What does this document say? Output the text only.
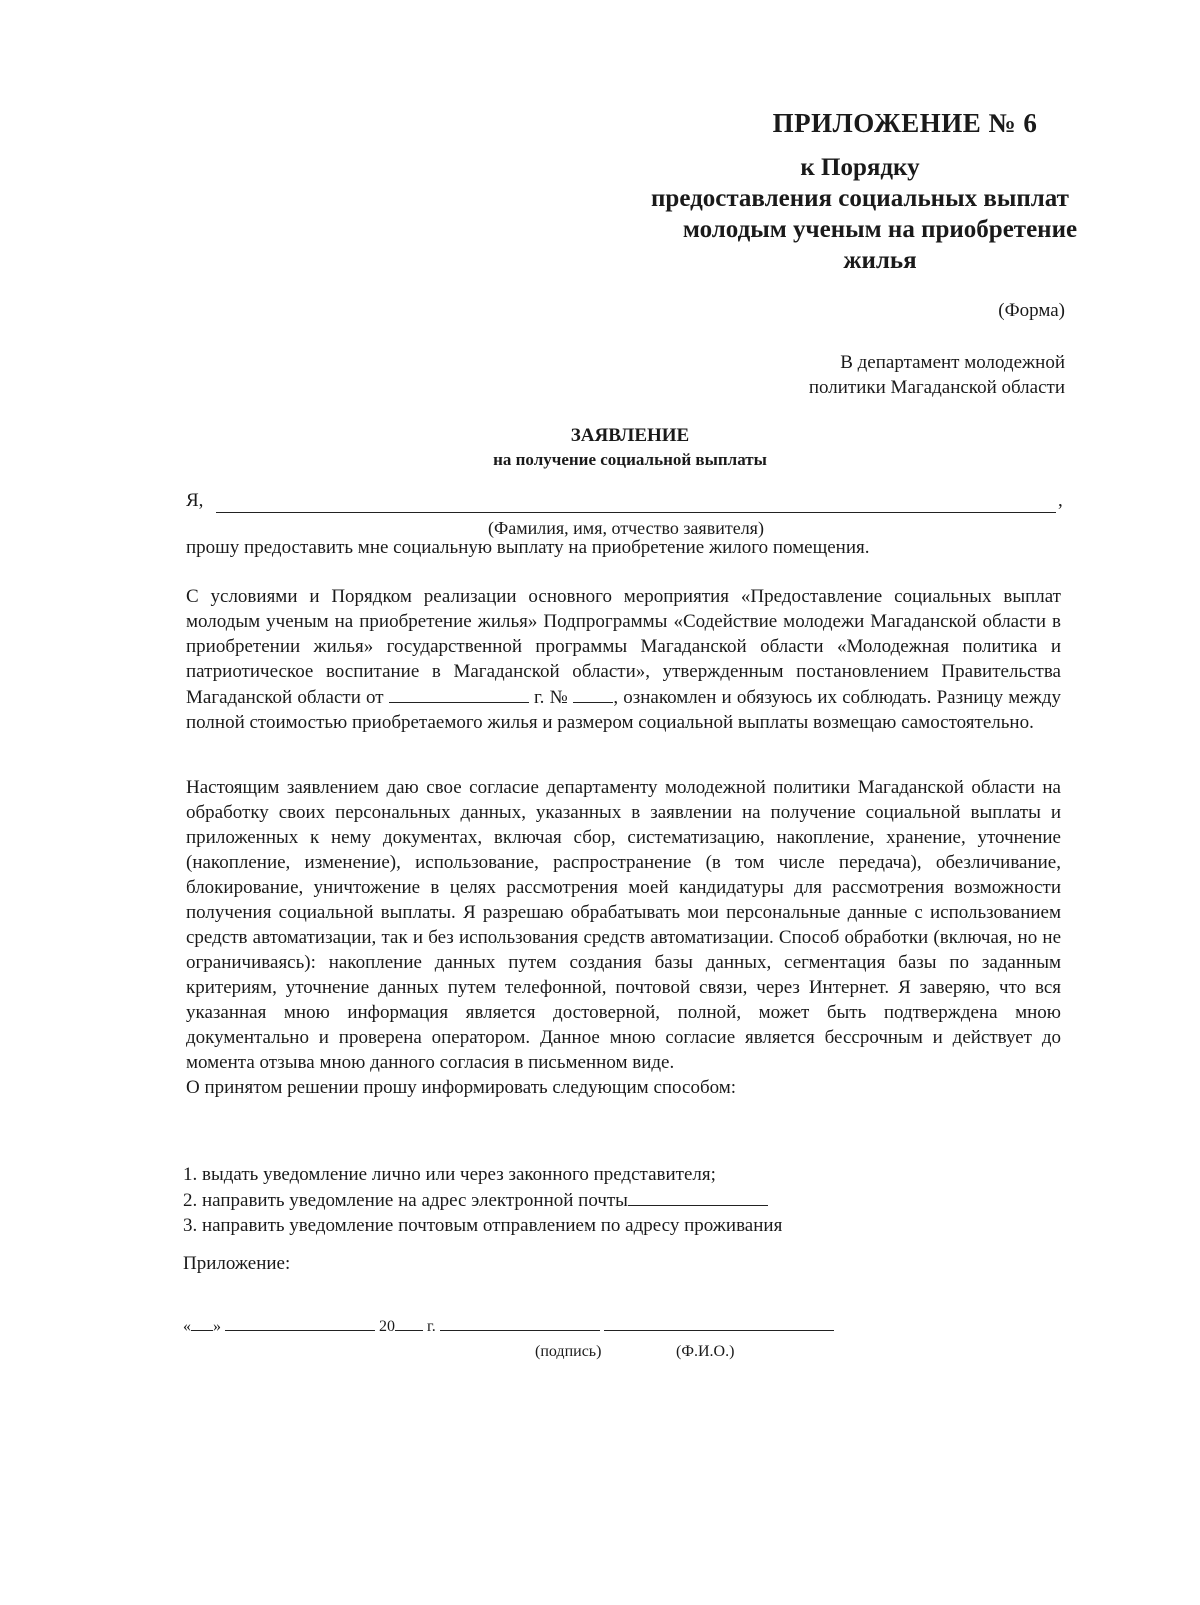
ПРИЛОЖЕНИЕ № 6
к Порядку
предоставления социальных выплат
молодым ученым на приобретение
жилья
(Форма)
В департамент молодежной
политики Магаданской области
ЗАЯВЛЕНИЕ
на получение социальной выплаты
Я,	,
(Фамилия, имя, отчество заявителя)
прошу предоставить мне социальную выплату на приобретение жилого помещения.
С условиями и Порядком реализации основного мероприятия «Предоставление социальных выплат молодым ученым на приобретение жилья» Подпрограммы «Содействие молодежи Магаданской области в приобретении жилья» государственной программы Магаданской области «Молодежная политика и патриотическое воспитание в Магаданской области», утвержденным постановлением Правительства Магаданской области от	г. № , ознакомлен и обязуюсь их соблюдать. Разницу между полной стоимостью приобретаемого жилья и размером социальной выплаты возмещаю самостоятельно.
Настоящим заявлением даю свое согласие департаменту молодежной политики Магаданской области на обработку своих персональных данных, указанных в заявлении на получение социальной выплаты и приложенных к нему документах, включая сбор, систематизацию, накопление, хранение, уточнение (накопление, изменение), использование, распространение (в том числе передача), обезличивание, блокирование, уничтожение в целях рассмотрения моей кандидатуры для рассмотрения возможности получения социальной выплаты. Я разрешаю обрабатывать мои персональные данные с использованием средств автоматизации, так и без использования средств автоматизации. Способ обработки (включая, но не ограничиваясь): накопление данных путем создания базы данных, сегментация базы по заданным критериям, уточнение данных путем телефонной, почтовой связи, через Интернет. Я заверяю, что вся указанная мною информация является достоверной, полной, может быть подтверждена мною документально и проверена оператором. Данное мною согласие является бессрочным и действует до момента отзыва мною данного согласия в письменном виде.
О принятом решении прошу информировать следующим способом:
1. выдать уведомление лично или через законного представителя;
2. направить уведомление на адрес электронной почты
3. направить уведомление почтовым отправлением по адресу проживания
Приложение:
« »	20 г.
(подпись)	(Ф.И.О.)
